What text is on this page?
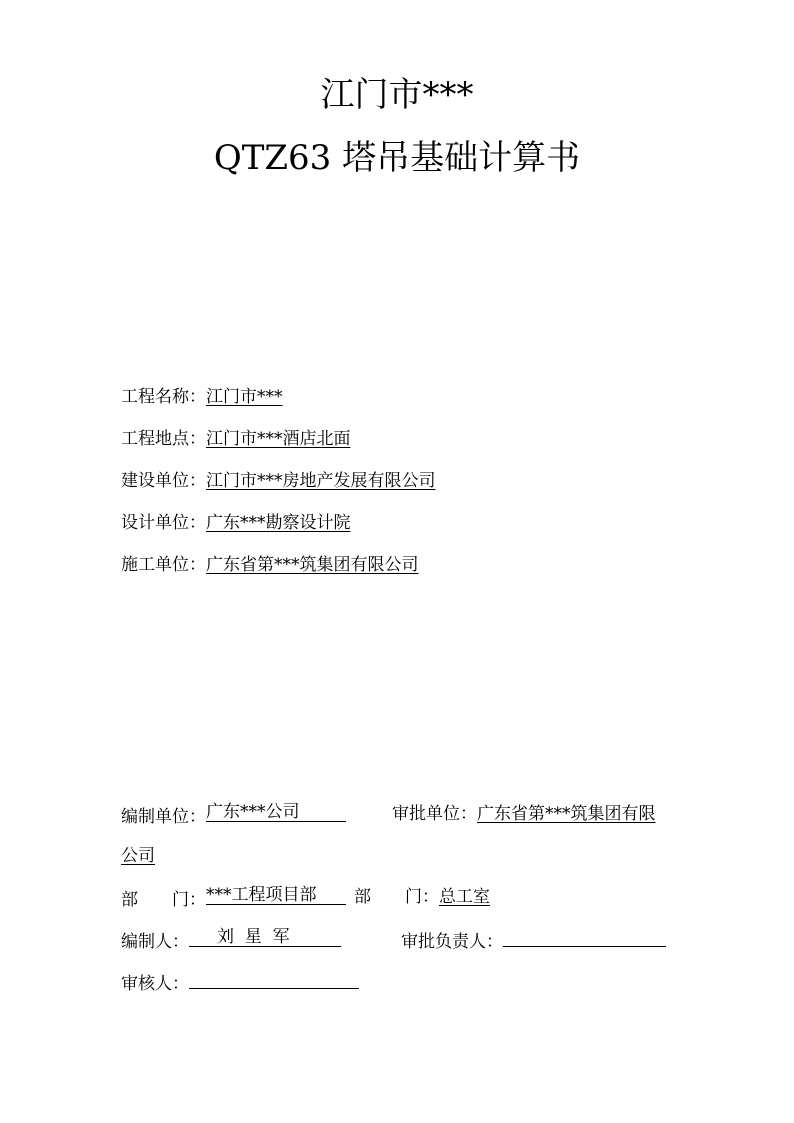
江门市***
QTZ63 塔吊基础计算书
工程名称：江门市***
工程地点：江门市***酒店北面
建设单位：江门市***房地产发展有限公司
设计单位：广东***勘察设计院
施工单位：广东省第***筑集团有限公司
编制单位： 广东***公司	审批单位：广东省第***筑集团有限
公司
部　　门： ***工程项目部 部　　门：总工室
编制人： 刘  星  军	审批负责人：
审核人：
